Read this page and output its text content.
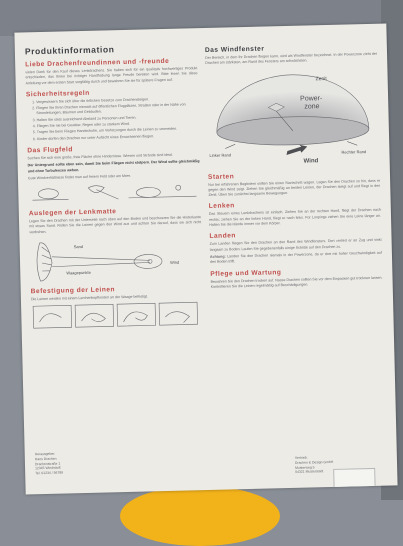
Produktinformation
Liebe Drachenfreundinnen und -freunde

vielen Dank für den Kauf dieses Lenkdrachens. Sie haben sich für ein qualitativ hochwertiges Produkt entschieden, das Ihnen bei richtiger Handhabung lange Freude bereiten wird. Bitte lesen Sie diese Anleitung vor dem ersten Start sorgfältig durch und bewahren Sie sie für spätere Fragen auf.

Sicherheitsregeln
1. Vergewissern Sie sich über die örtlichen Gesetze zum Drachensteigen.
2. Fliegen Sie Ihren Drachen niemals auf öffentlichen Flugplätzen, Straßen oder in der Nähe von Stromleitungen, Bäumen und Gebäuden.
3. Halten Sie stets ausreichend Abstand zu Personen und Tieren.
4. Fliegen Sie nie bei Gewitter, Regen oder zu starkem Wind.
5. Tragen Sie beim Fliegen Handschuhe, um Verletzungen durch die Leinen zu vermeiden.
6. Kinder dürfen den Drachen nur unter Aufsicht eines Erwachsenen fliegen.
Das Flugfeld

Suchen Sie sich eine große, freie Fläche ohne Hindernisse. Wiesen und Strände sind ideal.

Der Untergrund sollte eben sein, damit Sie beim Fliegen nicht stolpern. Der Wind sollte gleichmäßig und ohne Turbulenzen wehen.

Gute Windverhältnisse findet man auf freiem Feld oder am Meer.

Auslegen der Lenkmatte

Legen Sie den Drachen mit der Unterseite nach oben auf den Boden und beschweren Sie die Hinterkante mit etwas Sand. Rollen Sie die Leinen gegen den Wind aus und achten Sie darauf, dass sie sich nicht verdrehen.

Sand
Waagepunkte
Wind
Befestigung der Leinen

Die Leinen werden mit einem Lerchenkopfknoten an der Waage befestigt.

Das Windfenster

Der Bereich, in dem Ihr Drachen fliegen kann, wird als Windfenster bezeichnet. In der Powerzone zieht der Drachen am stärksten, am Rand des Fensters am schwächsten.

Zenit
Power-
zone
Linker Rand
Rechter Rand
Wind
Starten

Nur bei erfahrenen Begleitern sollten Sie einen Startschritt wagen. Legen Sie den Drachen so hin, dass er gegen den Wind zeigt. Ziehen Sie gleichmäßig an beiden Leinen, der Drachen steigt auf und fliegt in den Zenit. Üben Sie zunächst langsame Bewegungen.

Lenken

Das Steuern eines Lenkdrachens ist einfach. Ziehen Sie an der rechten Hand, fliegt der Drachen nach rechts; ziehen Sie an der linken Hand, fliegt er nach links. Für Loopings ziehen Sie eine Leine länger an. Halten Sie die Hände immer vor dem Körper.

Landen

Zum Landen fliegen Sie den Drachen an den Rand des Windfensters. Dort verliert er an Zug und sinkt langsam zu Boden. Laufen Sie gegebenenfalls einige Schritte auf den Drachen zu.

Achtung: Landen Sie den Drachen niemals in der Powerzone, da er dort mit hoher Geschwindigkeit auf den Boden trifft.

Pflege und Wartung

Bewahren Sie den Drachen trocken auf. Nasse Drachen sollten Sie vor dem Einpacken gut trocknen lassen. Kontrollieren Sie die Leinen regelmäßig auf Beschädigungen.

Herausgeber:

Hans Drachen

Drachenstraße 1

12345 Windstadt

Tel. 01234 / 56789

Vertrieb:

Drachen & Design GmbH

Musterweg 5

54321 Musterstadt
